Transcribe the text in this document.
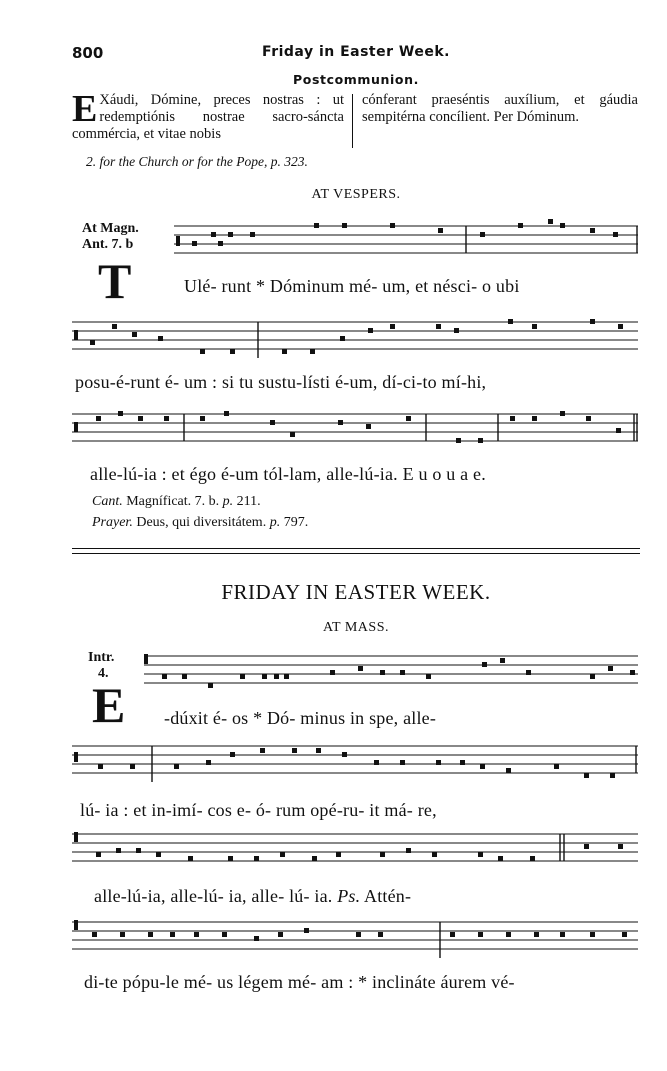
800	Friday in Easter Week.
Postcommunion.
E Xáudi, Dómine, preces nostras : ut redemptiónis nostrae sacro-sáncta commércia, et vitae nobis
cónferant praeséntis auxílium, et gáudia sempitérna concílient. Per Dóminum.
2. for the Church or for the Pope, p. 323.
AT VESPERS.
At Magn.
Ant. 7. b
T	Ulé- runt * Dóminum mé- um, et nésci- o ubi
posu-é-runt é- um : si tu sustu-lísti é-um, dí-ci-to mí-hi,
alle-lú-ia : et égo é-um tól-lam, alle-lú-ia. E u o u a e.
Cant. Magníficat. 7. b. p. 211.
Prayer. Deus, qui diversitátem. p. 797.
FRIDAY IN EASTER WEEK.
AT MASS.
Intr.
4.
E -dúxit é- os * Dó- minus in spe, alle-
lú- ia : et in-imí- cos e- ó- rum opé-ru- it má- re,
alle-lú-ia, alle-lú- ia, alle- lú- ia. Ps. Attén-
di-te pópu-le mé- us légem mé- am : * inclináte áurem vé-
